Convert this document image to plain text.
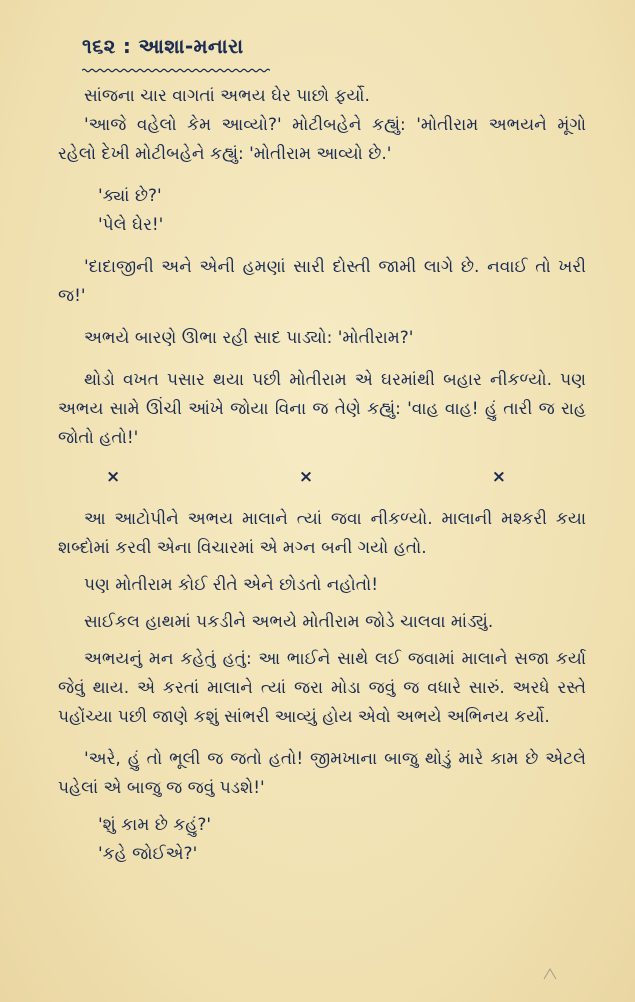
૧૬૨ : આશા-મનારા

સાંજના ચાર વાગતાં અભય ઘેર પાછો ફર્યો.

'આજે વહેલો કેમ આવ્યો?' મોટીબહેને કહ્યું: 'મોતીરામ અભયને મૂંગો રહેલો દેખી મોટીબહેને કહ્યું: 'મોતીરામ આવ્યો છે.'

'ક્યાં છે?'

'પેલે ઘેર!'

'દાદાજીની અને એની હમણાં સારી દોસ્તી જામી લાગે છે. નવાઈ તો ખરી જ!'

અભયે બારણે ઊભા રહી સાદ પાડ્યો: 'મોતીરામ?'

થોડો વખત પસાર થયા પછી મોતીરામ એ ઘરમાંથી બહાર નીકળ્યો. પણ અભય સામે ઊંચી આંખે જોયા વિના જ તેણે કહ્યું: 'વાહ વાહ! હું તારી જ રાહ જોતો હતો!'

×	×	×

આ આટોપીને અભય માલાને ત્યાં જવા નીકળ્યો. માલાની મશ્કરી કયા શબ્દોમાં કરવી એના વિચારમાં એ મગ્ન બની ગયો હતો.

પણ મોતીરામ કોઈ રીતે એને છોડતો નહોતો!

સાઈકલ હાથમાં પકડીને અભયે મોતીરામ જોડે ચાલવા માંડ્યું.

અભયનું મન કહેતું હતું: આ ભાઈને સાથે લઈ જવામાં માલાને સજા કર્યા જેવું થાય. એ કરતાં માલાને ત્યાં જરા મોડા જવું જ વધારે સારું. અરધે રસ્તે પહોંચ્યા પછી જાણે કશું સાંભરી આવ્યું હોય એવો અભયે અભિનય કર્યો.

'અરે, હું તો ભૂલી જ જતો હતો! જીમખાના બાજુ થોડું મારે કામ છે એટલે પહેલાં એ બાજુ જ જવું પડશે!'

'શું કામ છે કહું?'

'કહે જોઈએ?'
